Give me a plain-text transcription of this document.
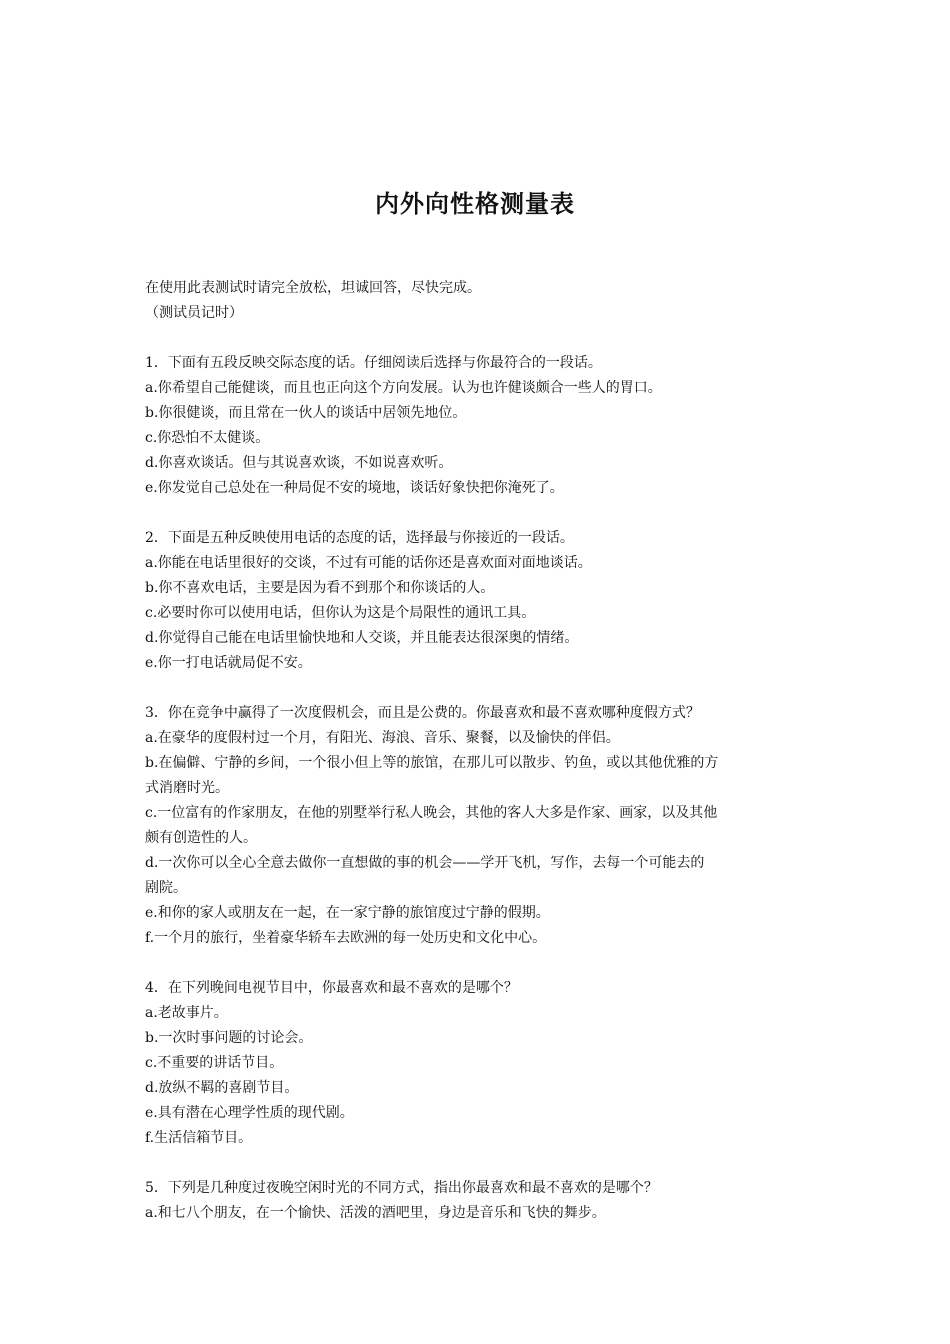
内外向性格测量表

在使用此表测试时请完全放松，坦诚回答，尽快完成。

（测试员记时）

1．下面有五段反映交际态度的话。仔细阅读后选择与你最符合的一段话。

a.你希望自己能健谈，而且也正向这个方向发展。认为也许健谈颇合一些人的胃口。

b.你很健谈，而且常在一伙人的谈话中居领先地位。

c.你恐怕不太健谈。

d.你喜欢谈话。但与其说喜欢谈，不如说喜欢听。

e.你发觉自己总处在一种局促不安的境地，谈话好象快把你淹死了。

2．下面是五种反映使用电话的态度的话，选择最与你接近的一段话。

a.你能在电话里很好的交谈，不过有可能的话你还是喜欢面对面地谈话。

b.你不喜欢电话，主要是因为看不到那个和你谈话的人。

c.必要时你可以使用电话，但你认为这是个局限性的通讯工具。

d.你觉得自己能在电话里愉快地和人交谈，并且能表达很深奥的情绪。

e.你一打电话就局促不安。

3．你在竞争中赢得了一次度假机会，而且是公费的。你最喜欢和最不喜欢哪种度假方式？

a.在豪华的度假村过一个月，有阳光、海浪、音乐、聚餐，以及愉快的伴侣。

b.在偏僻、宁静的乡间，一个很小但上等的旅馆，在那儿可以散步、钓鱼，或以其他优雅的方

式消磨时光。

c.一位富有的作家朋友，在他的别墅举行私人晚会，其他的客人大多是作家、画家，以及其他

颇有创造性的人。

d.一次你可以全心全意去做你一直想做的事的机会——学开飞机，写作，去每一个可能去的

剧院。

e.和你的家人或朋友在一起，在一家宁静的旅馆度过宁静的假期。

f.一个月的旅行，坐着豪华轿车去欧洲的每一处历史和文化中心。

4．在下列晚间电视节目中，你最喜欢和最不喜欢的是哪个？

a.老故事片。

b.一次时事问题的讨论会。

c.不重要的讲话节目。

d.放纵不羁的喜剧节目。

e.具有潜在心理学性质的现代剧。

f.生活信箱节目。

5．下列是几种度过夜晚空闲时光的不同方式，指出你最喜欢和最不喜欢的是哪个？

a.和七八个朋友，在一个愉快、活泼的酒吧里，身边是音乐和飞快的舞步。
